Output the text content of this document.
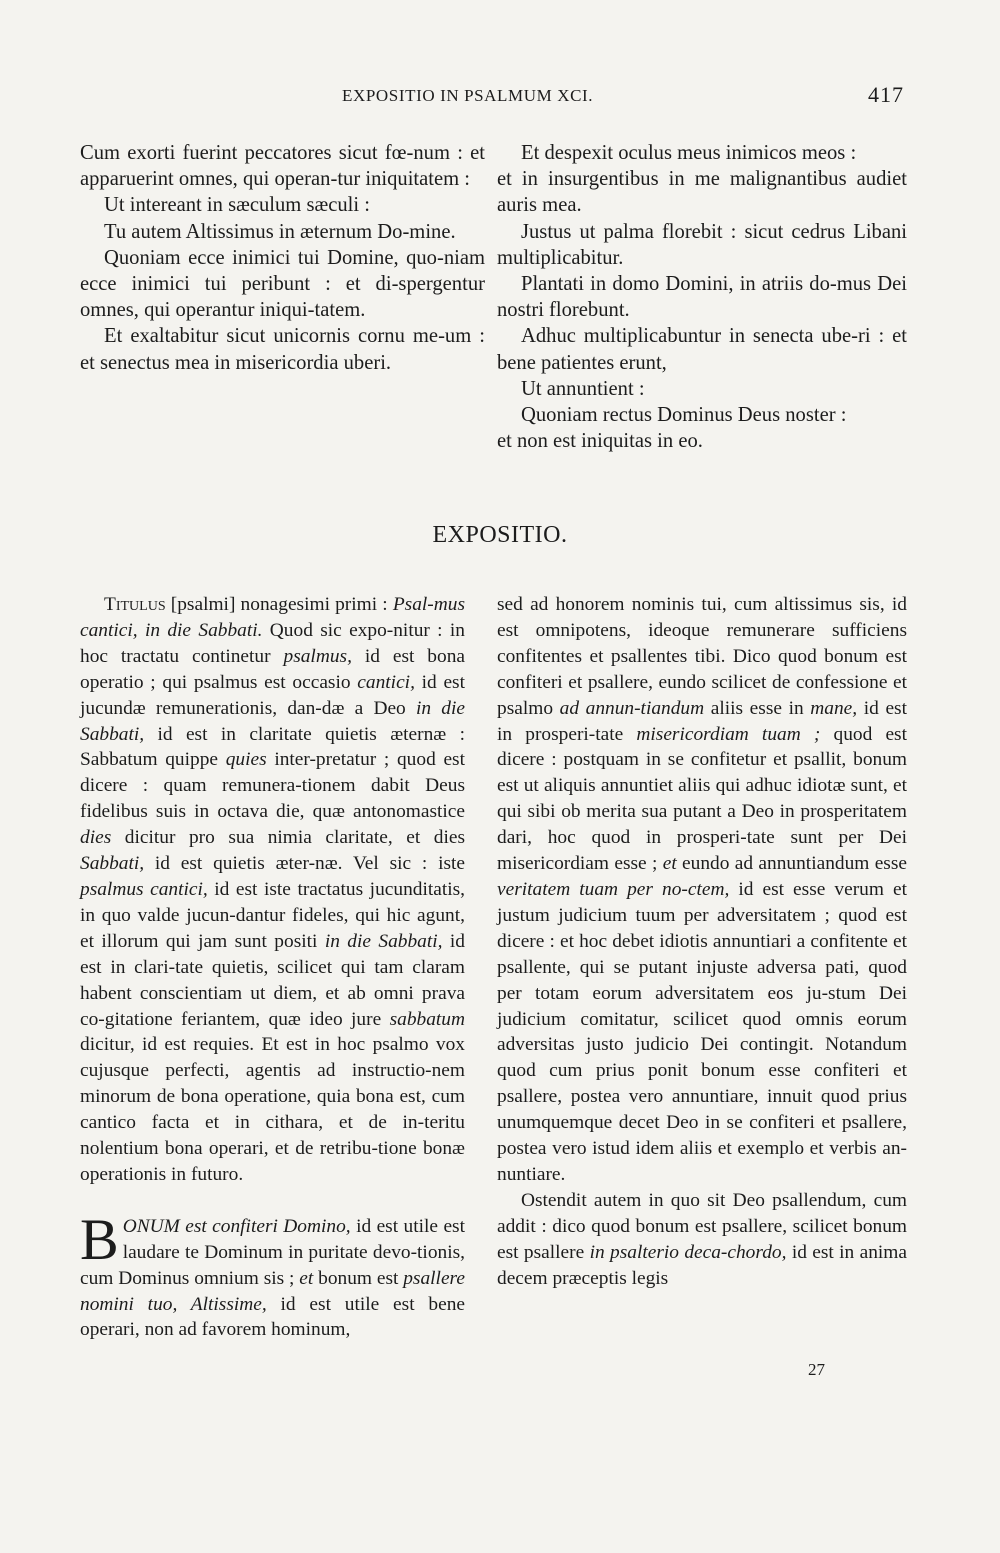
EXPOSITIO IN PSALMUM XCI.	417

Cum exorti fuerint peccatores sicut fœ-num : et apparuerint omnes, qui operan-tur iniquitatem :

Ut intereant in sæculum sæculi :

Tu autem Altissimus in æternum Do-mine.

Quoniam ecce inimici tui Domine, quo-niam ecce inimici tui peribunt : et di-spergentur omnes, qui operantur iniqui-tatem.

Et exaltabitur sicut unicornis cornu me-um : et senectus mea in misericordia uberi.

Et despexit oculus meus inimicos meos :

et in insurgentibus in me malignantibus audiet auris mea.

Justus ut palma florebit : sicut cedrus Libani multiplicabitur.

Plantati in domo Domini, in atriis do-mus Dei nostri florebunt.

Adhuc multiplicabuntur in senecta ube-ri : et bene patientes erunt,

Ut annuntient :

Quoniam rectus Dominus Deus noster :

et non est iniquitas in eo.

EXPOSITIO.

Titulus [psalmi] nonagesimi primi : Psal-mus cantici, in die Sabbati. Quod sic expo-nitur : in hoc tractatu continetur psalmus, id est bona operatio ; qui psalmus est occasio cantici, id est jucundæ remunerationis, dan-dæ a Deo in die Sabbati, id est in claritate quietis æternæ : Sabbatum quippe quies inter-pretatur ; quod est dicere : quam remunera-tionem dabit Deus fidelibus suis in octava die, quæ antonomastice dies dicitur pro sua nimia claritate, et dies Sabbati, id est quietis æter-næ. Vel sic : iste psalmus cantici, id est iste tractatus jucunditatis, in quo valde jucun-dantur fideles, qui hic agunt, et illorum qui jam sunt positi in die Sabbati, id est in clari-tate quietis, scilicet qui tam claram habent conscientiam ut diem, et ab omni prava co-gitatione feriantem, quæ ideo jure sabbatum dicitur, id est requies. Et est in hoc psalmo vox cujusque perfecti, agentis ad instructio-nem minorum de bona operatione, quia bona est, cum cantico facta et in cithara, et de in-teritu nolentium bona operari, et de retribu-tione bonæ operationis in futuro.

BONUM est confiteri Domino, id est utile est laudare te Dominum in puritate devo-tionis, cum Dominus omnium sis ; et bonum est psallere nomini tuo, Altissime, id est utile est bene operari, non ad favorem hominum,

sed ad honorem nominis tui, cum altissimus sis, id est omnipotens, ideoque remunerare sufficiens confitentes et psallentes tibi. Dico quod bonum est confiteri et psallere, eundo scilicet de confessione et psalmo ad annun-tiandum aliis esse in mane, id est in prosperi-tate misericordiam tuam ; quod est dicere : postquam in se confitetur et psallit, bonum est ut aliquis annuntiet aliis qui adhuc idiotæ sunt, et qui sibi ob merita sua putant a Deo in prosperitatem dari, hoc quod in prosperi-tate sunt per Dei misericordiam esse ; et eundo ad annuntiandum esse veritatem tuam per no-ctem, id est esse verum et justum judicium tuum per adversitatem ; quod est dicere : et hoc debet idiotis annuntiari a confitente et psallente, qui se putant injuste adversa pati, quod per totam eorum adversitatem eos ju-stum Dei judicium comitatur, scilicet quod omnis eorum adversitas justo judicio Dei contingit. Notandum quod cum prius ponit bonum esse confiteri et psallere, postea vero annuntiare, innuit quod prius unumquemque decet Deo in se confiteri et psallere, postea vero istud idem aliis et exemplo et verbis an-nuntiare.

Ostendit autem in quo sit Deo psallendum, cum addit : dico quod bonum est psallere, scilicet bonum est psallere in psalterio deca-chordo, id est in anima decem præceptis legis

27
